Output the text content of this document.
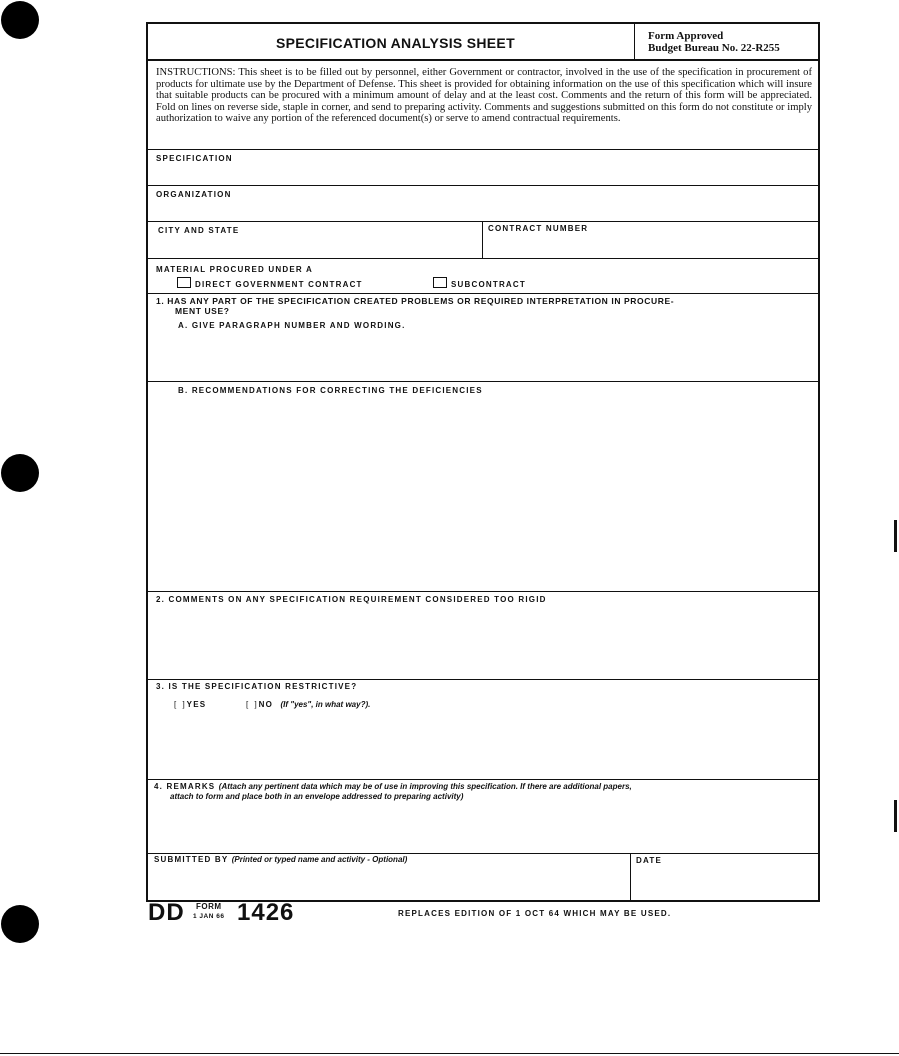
SPECIFICATION ANALYSIS SHEET	Form Approved
Budget Bureau No. 22-R255

INSTRUCTIONS: This sheet is to be filled out by personnel, either Government or contractor, involved in the use of the specification in procurement of products for ultimate use by the Department of Defense. This sheet is provided for obtaining information on the use of this specification which will insure that suitable products can be procured with a minimum amount of delay and at the least cost. Comments and the return of this form will be appreciated. Fold on lines on reverse side, staple in corner, and send to preparing activity. Comments and suggestions submitted on this form do not constitute or imply authorization to waive any portion of the referenced document(s) or serve to amend contractual requirements.

SPECIFICATION
ORGANIZATION
CITY AND STATE	CONTRACT NUMBER
MATERIAL PROCURED UNDER A
DIRECT GOVERNMENT CONTRACT	SUBCONTRACT
1. HAS ANY PART OF THE SPECIFICATION CREATED PROBLEMS OR REQUIRED INTERPRETATION IN PROCURE-
MENT USE?
A. GIVE PARAGRAPH NUMBER AND WORDING.
B. RECOMMENDATIONS FOR CORRECTING THE DEFICIENCIES
2. COMMENTS ON ANY SPECIFICATION REQUIREMENT CONSIDERED TOO RIGID
3. IS THE SPECIFICATION RESTRICTIVE?
[ ]YES	[ ]NO (If "yes", in what way?).
4. REMARKS (Attach any pertinent data which may be of use in improving this specification. If there are additional papers,
attach to form and place both in an envelope addressed to preparing activity)
SUBMITTED BY (Printed or typed name and activity - Optional)	DATE
DD FORM
1 JAN 66 1426	REPLACES EDITION OF 1 OCT 64 WHICH MAY BE USED.
